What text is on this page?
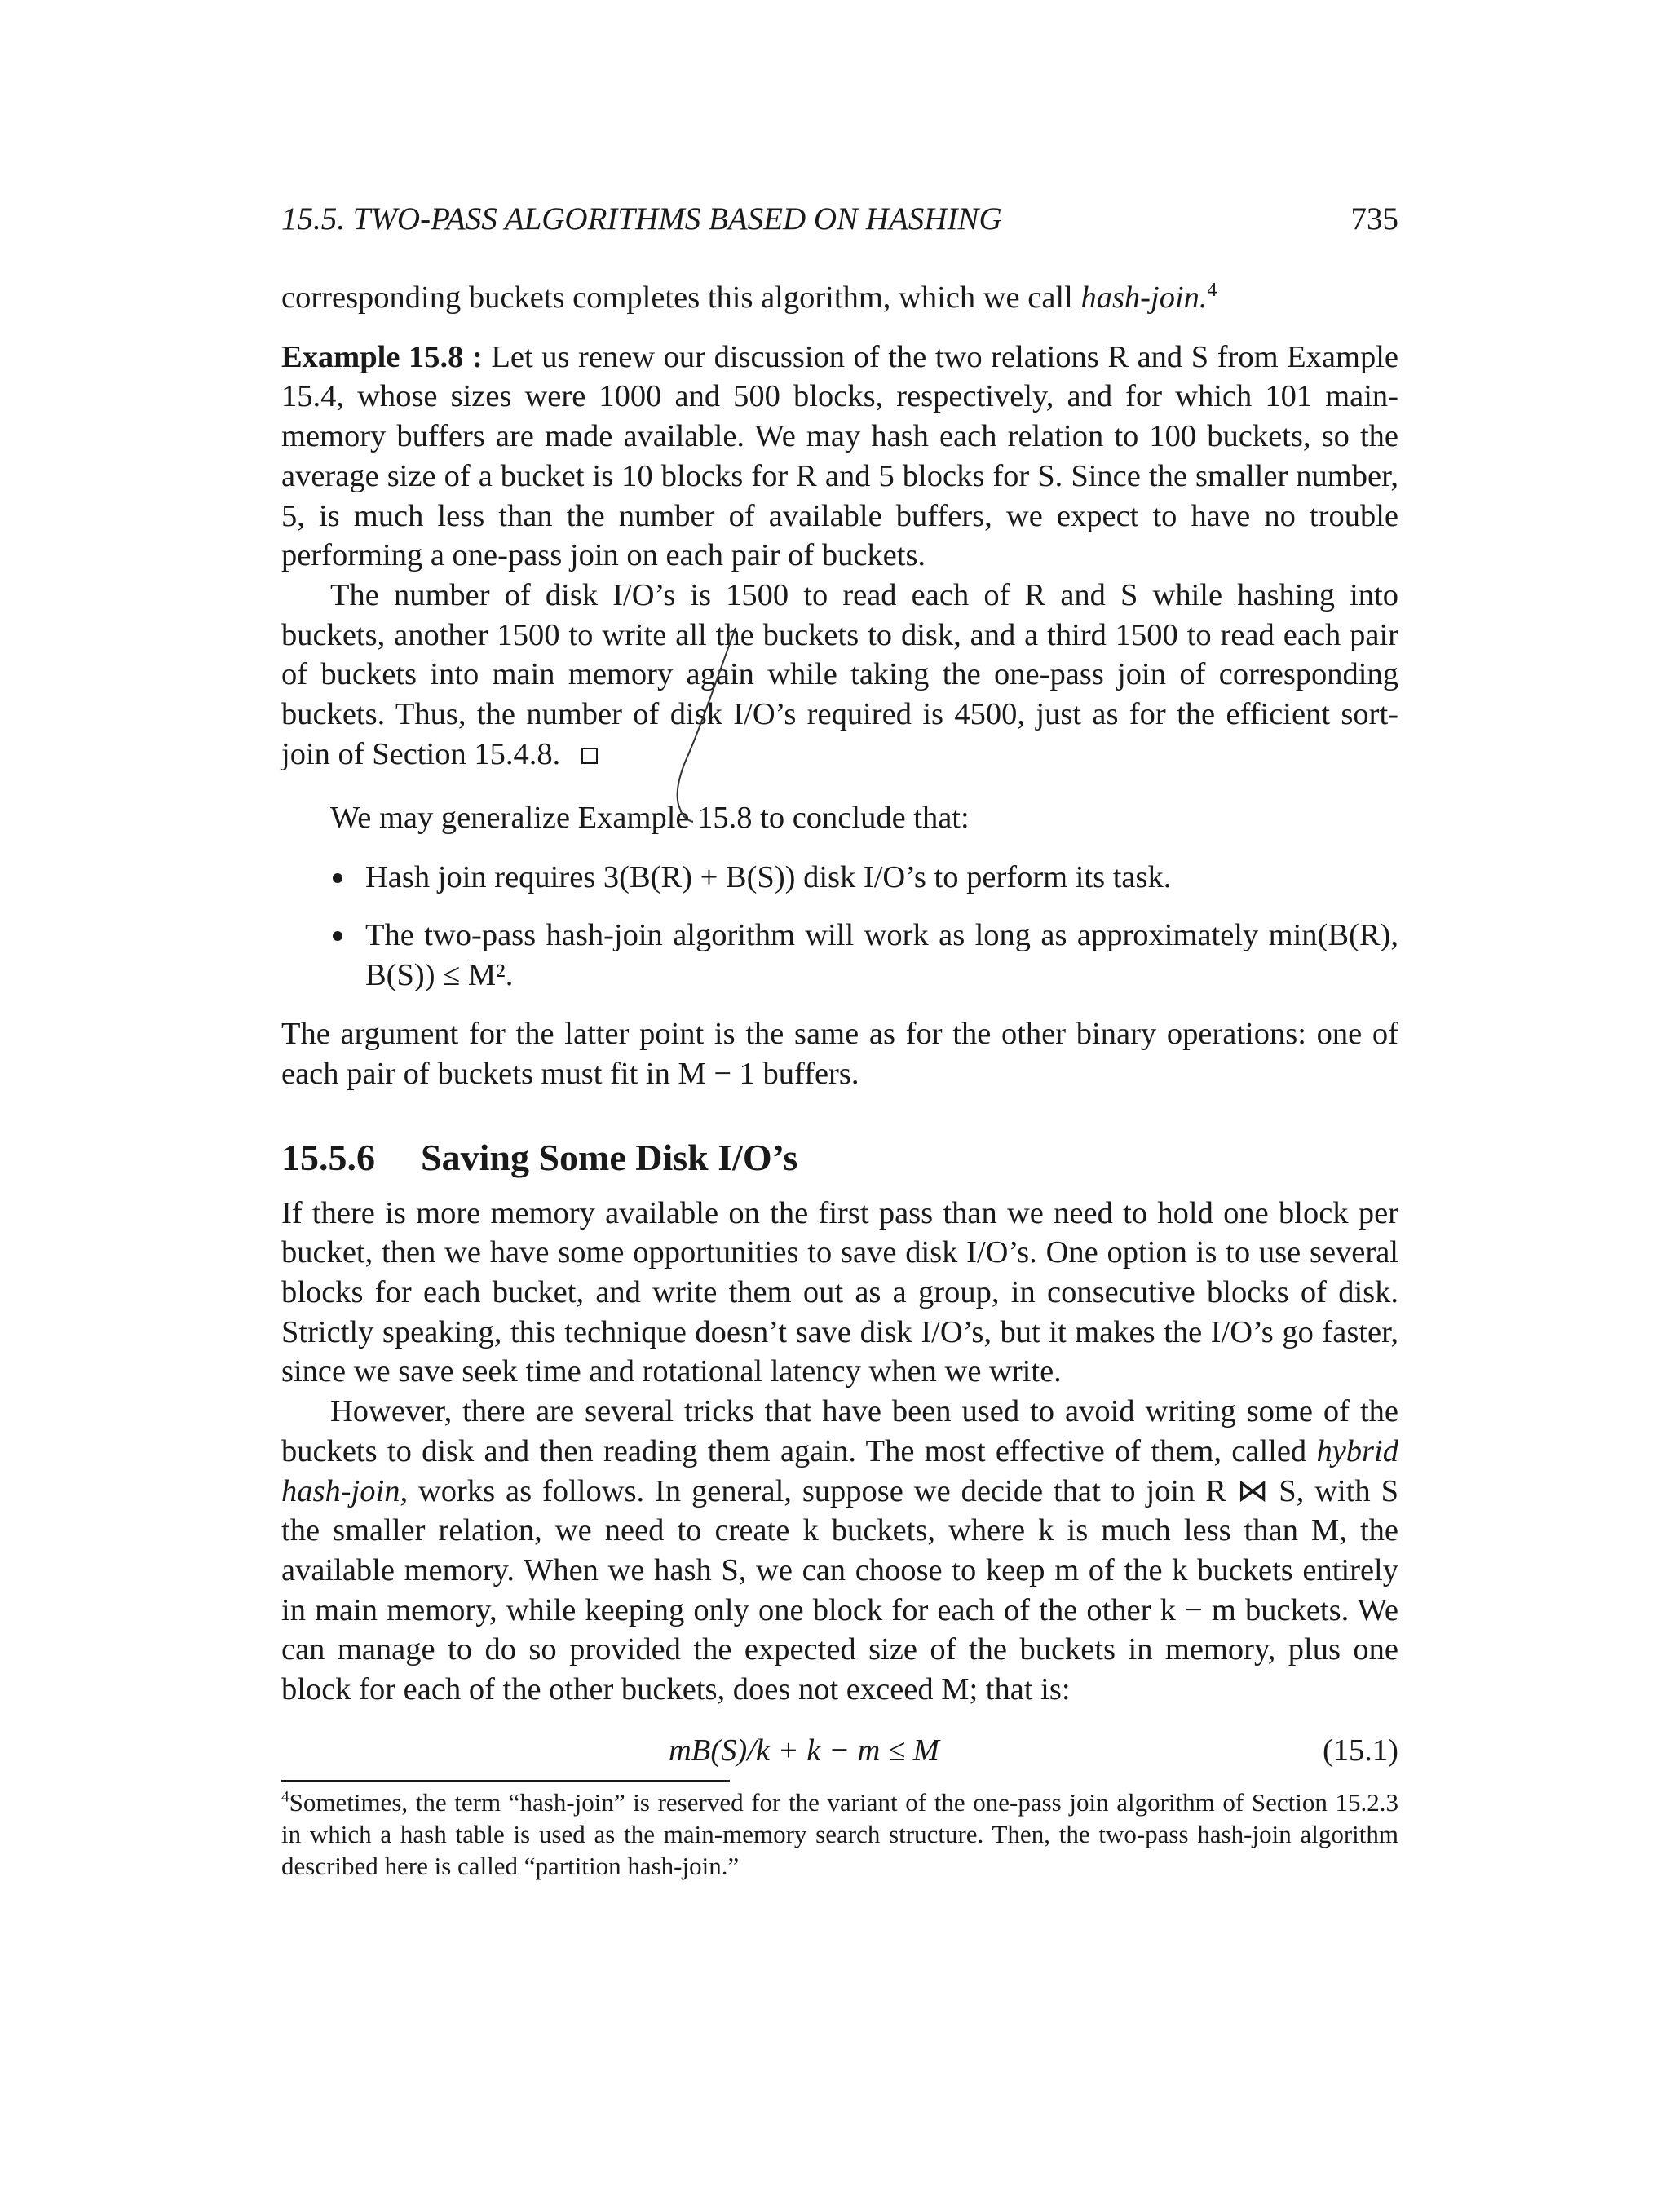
15.5. TWO-PASS ALGORITHMS BASED ON HASHING	735

corresponding buckets completes this algorithm, which we call hash-join.$^4$

Example 15.8 : Let us renew our discussion of the two relations R and S from Example 15.4, whose sizes were 1000 and 500 blocks, respectively, and for which 101 main-memory buffers are made available. We may hash each relation to 100 buckets, so the average size of a bucket is 10 blocks for R and 5 blocks for S. Since the smaller number, 5, is much less than the number of available buffers, we expect to have no trouble performing a one-pass join on each pair of buckets.

The number of disk I/O’s is 1500 to read each of R and S while hashing into buckets, another 1500 to write all the buckets to disk, and a third 1500 to read each pair of buckets into main memory again while taking the one-pass join of corresponding buckets. Thus, the number of disk I/O’s required is 4500, just as for the efficient sort-join of Section 15.4.8.

We may generalize Example 15.8 to conclude that:

Hash join requires 3(B(R) + B(S)) disk I/O’s to perform its task.
The two-pass hash-join algorithm will work as long as approximately min(B(R), B(S)) ≤ M².

The argument for the latter point is the same as for the other binary operations: one of each pair of buckets must fit in M − 1 buffers.

15.5.6 Saving Some Disk I/O’s

If there is more memory available on the first pass than we need to hold one block per bucket, then we have some opportunities to save disk I/O’s. One option is to use several blocks for each bucket, and write them out as a group, in consecutive blocks of disk. Strictly speaking, this technique doesn’t save disk I/O’s, but it makes the I/O’s go faster, since we save seek time and rotational latency when we write.

However, there are several tricks that have been used to avoid writing some of the buckets to disk and then reading them again. The most effective of them, called hybrid hash-join, works as follows. In general, suppose we decide that to join R ⋈ S, with S the smaller relation, we need to create k buckets, where k is much less than M, the available memory. When we hash S, we can choose to keep m of the k buckets entirely in main memory, while keeping only one block for each of the other k − m buckets. We can manage to do so provided the expected size of the buckets in memory, plus one block for each of the other buckets, does not exceed M; that is:

mB(S)/k + k − m ≤ M	(15.1)

$^4$Sometimes, the term “hash-join” is reserved for the variant of the one-pass join algorithm of Section 15.2.3 in which a hash table is used as the main-memory search structure. Then, the two-pass hash-join algorithm described here is called “partition hash-join.”
